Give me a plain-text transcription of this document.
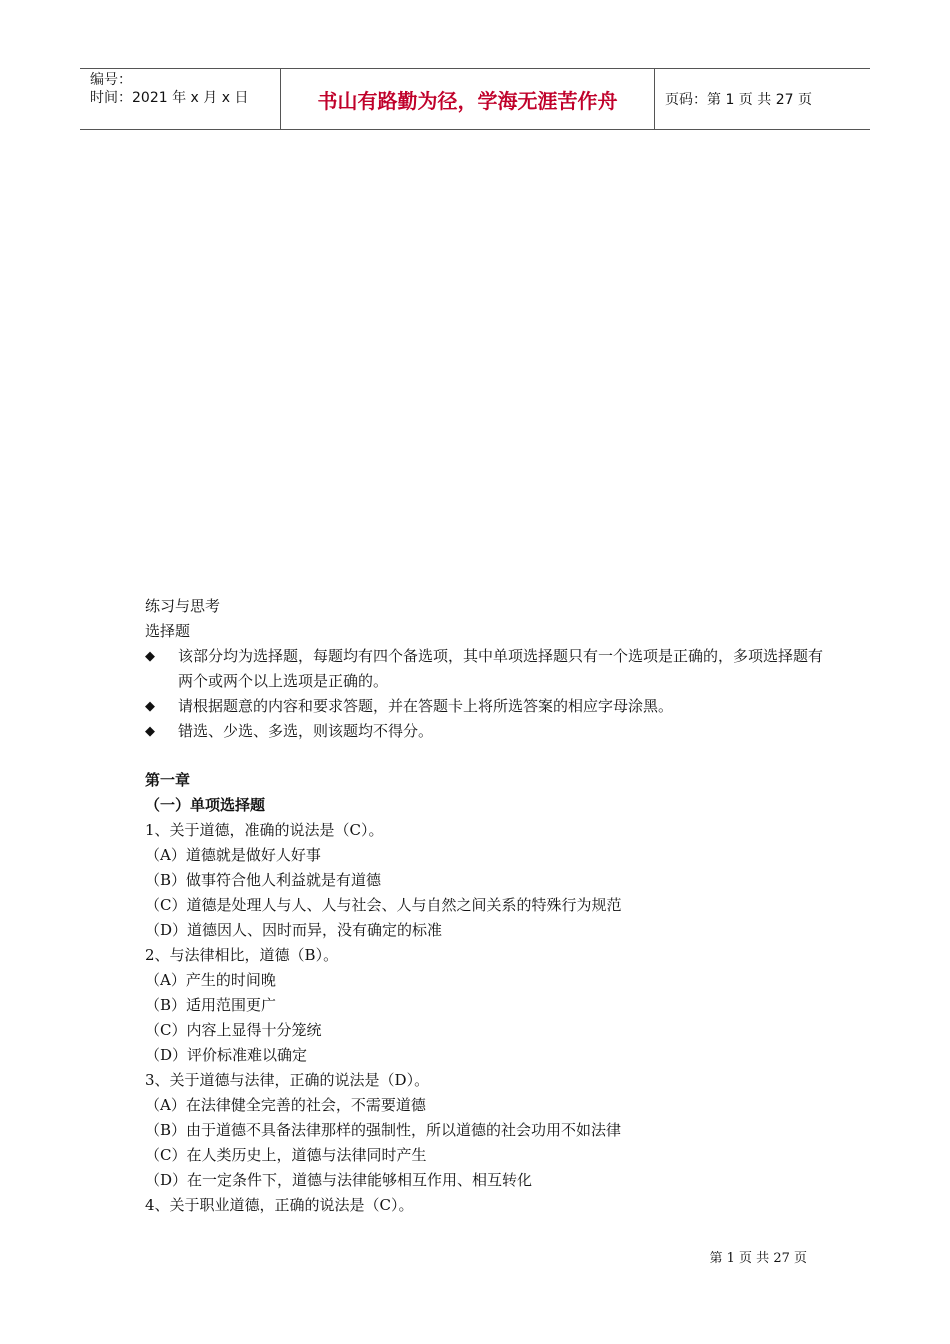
编号：
时间：2021 年 x 月 x 日	书山有路勤为径，学海无涯苦作舟	页码：第 1 页 共 27 页
练习与思考
选择题
◆	该部分均为选择题，每题均有四个备选项，其中单项选择题只有一个选项是正确的，多项选择题有两个或两个以上选项是正确的。
◆	请根据题意的内容和要求答题，并在答题卡上将所选答案的相应字母涂黑。
◆	错选、少选、多选，则该题均不得分。
第一章
（一）单项选择题
1、关于道德，准确的说法是（C）。
（A）道德就是做好人好事
（B）做事符合他人利益就是有道德
（C）道德是处理人与人、人与社会、人与自然之间关系的特殊行为规范
（D）道德因人、因时而异，没有确定的标准
2、与法律相比，道德（B）。
（A）产生的时间晚
（B）适用范围更广
（C）内容上显得十分笼统
（D）评价标准难以确定
3、关于道德与法律，正确的说法是（D）。
（A）在法律健全完善的社会，不需要道德
（B）由于道德不具备法律那样的强制性，所以道德的社会功用不如法律
（C）在人类历史上，道德与法律同时产生
（D）在一定条件下，道德与法律能够相互作用、相互转化
4、关于职业道德，正确的说法是（C）。
第 1 页 共 27 页
